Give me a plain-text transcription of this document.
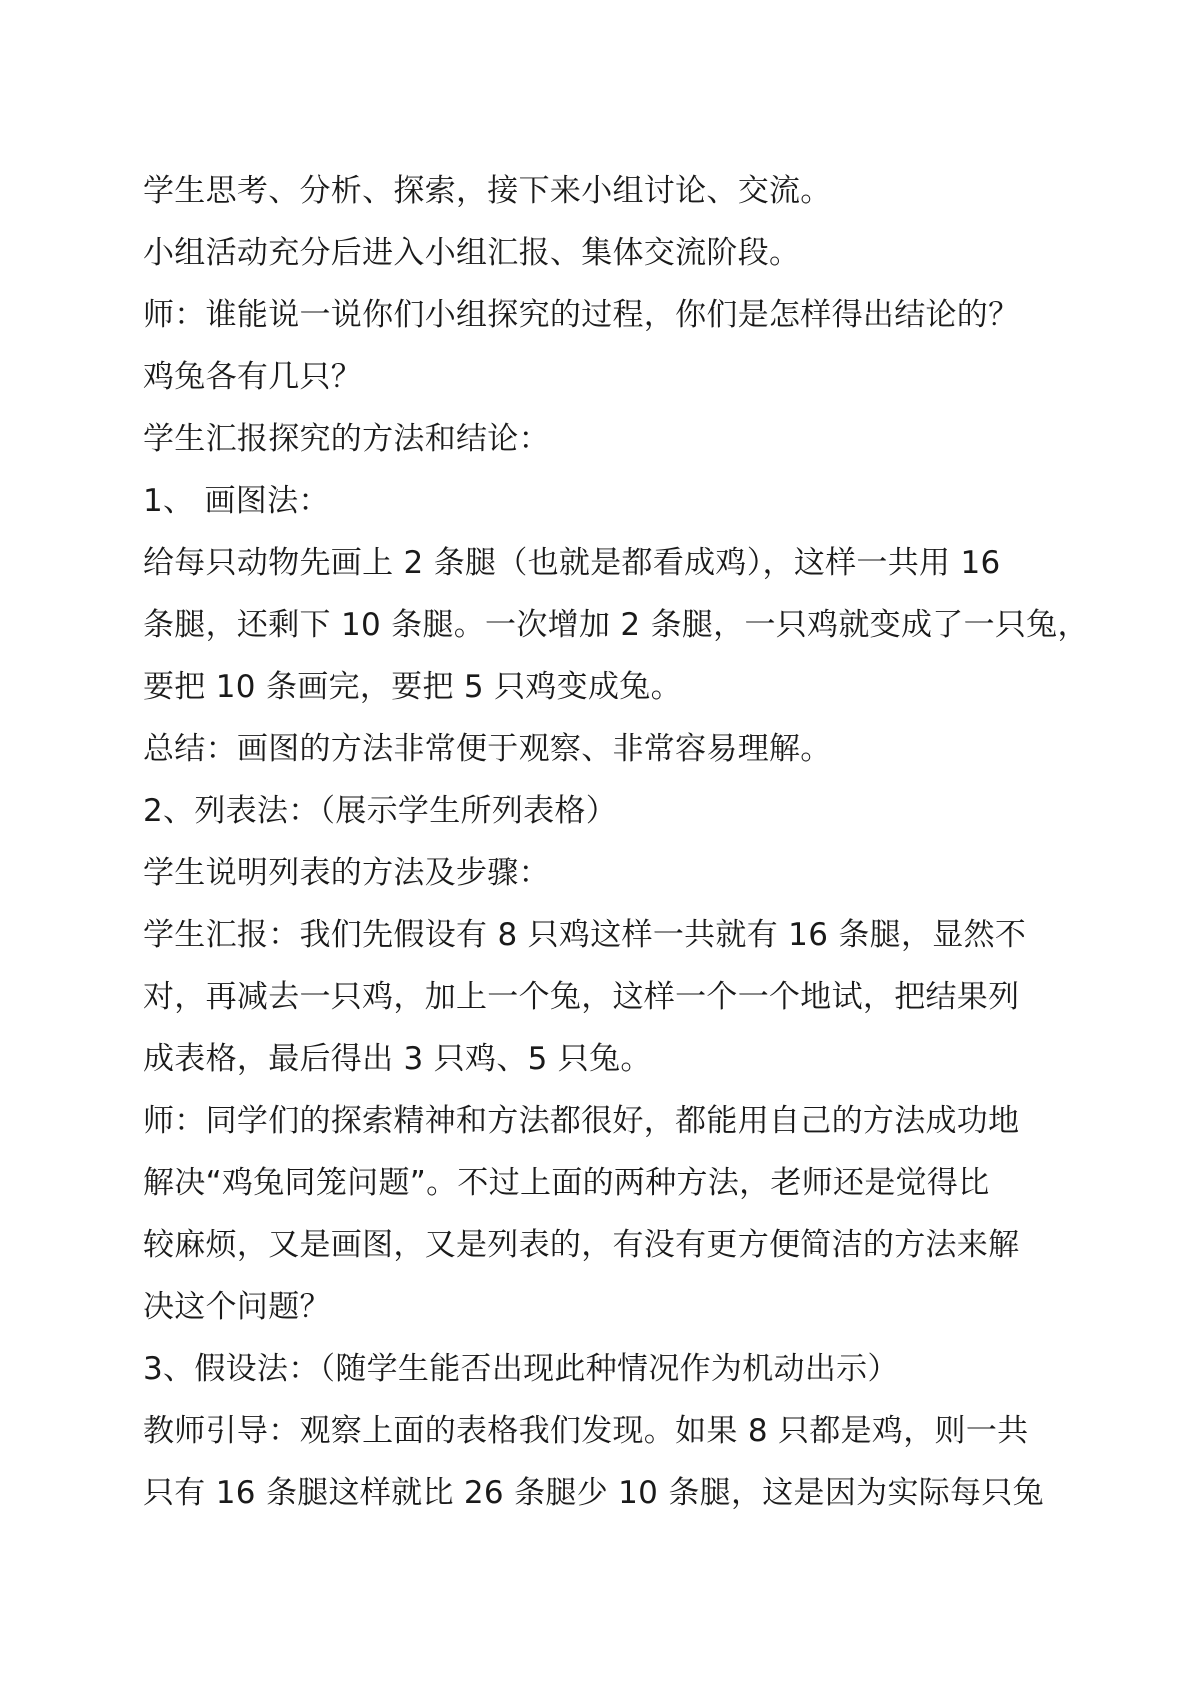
学生思考、分析、探索，接下来小组讨论、交流。
小组活动充分后进入小组汇报、集体交流阶段。
师：谁能说一说你们小组探究的过程，你们是怎样得出结论的？
鸡兔各有几只？
学生汇报探究的方法和结论：
1、 画图法：
给每只动物先画上 2 条腿（也就是都看成鸡），这样一共用 16
条腿，还剩下 10 条腿。一次增加 2 条腿，一只鸡就变成了一只兔，
要把 10 条画完，要把 5 只鸡变成兔。
总结：画图的方法非常便于观察、非常容易理解。
2、列表法：（展示学生所列表格）
学生说明列表的方法及步骤：
学生汇报：我们先假设有 8 只鸡这样一共就有 16 条腿，显然不
对，再减去一只鸡，加上一个兔，这样一个一个地试，把结果列
成表格，最后得出 3 只鸡、5 只兔。
师：同学们的探索精神和方法都很好，都能用自己的方法成功地
解决“鸡兔同笼问题”。不过上面的两种方法，老师还是觉得比
较麻烦，又是画图，又是列表的，有没有更方便简洁的方法来解
决这个问题？
3、假设法：（随学生能否出现此种情况作为机动出示）
教师引导：观察上面的表格我们发现。如果 8 只都是鸡，则一共
只有 16 条腿这样就比 26 条腿少 10 条腿，这是因为实际每只兔
